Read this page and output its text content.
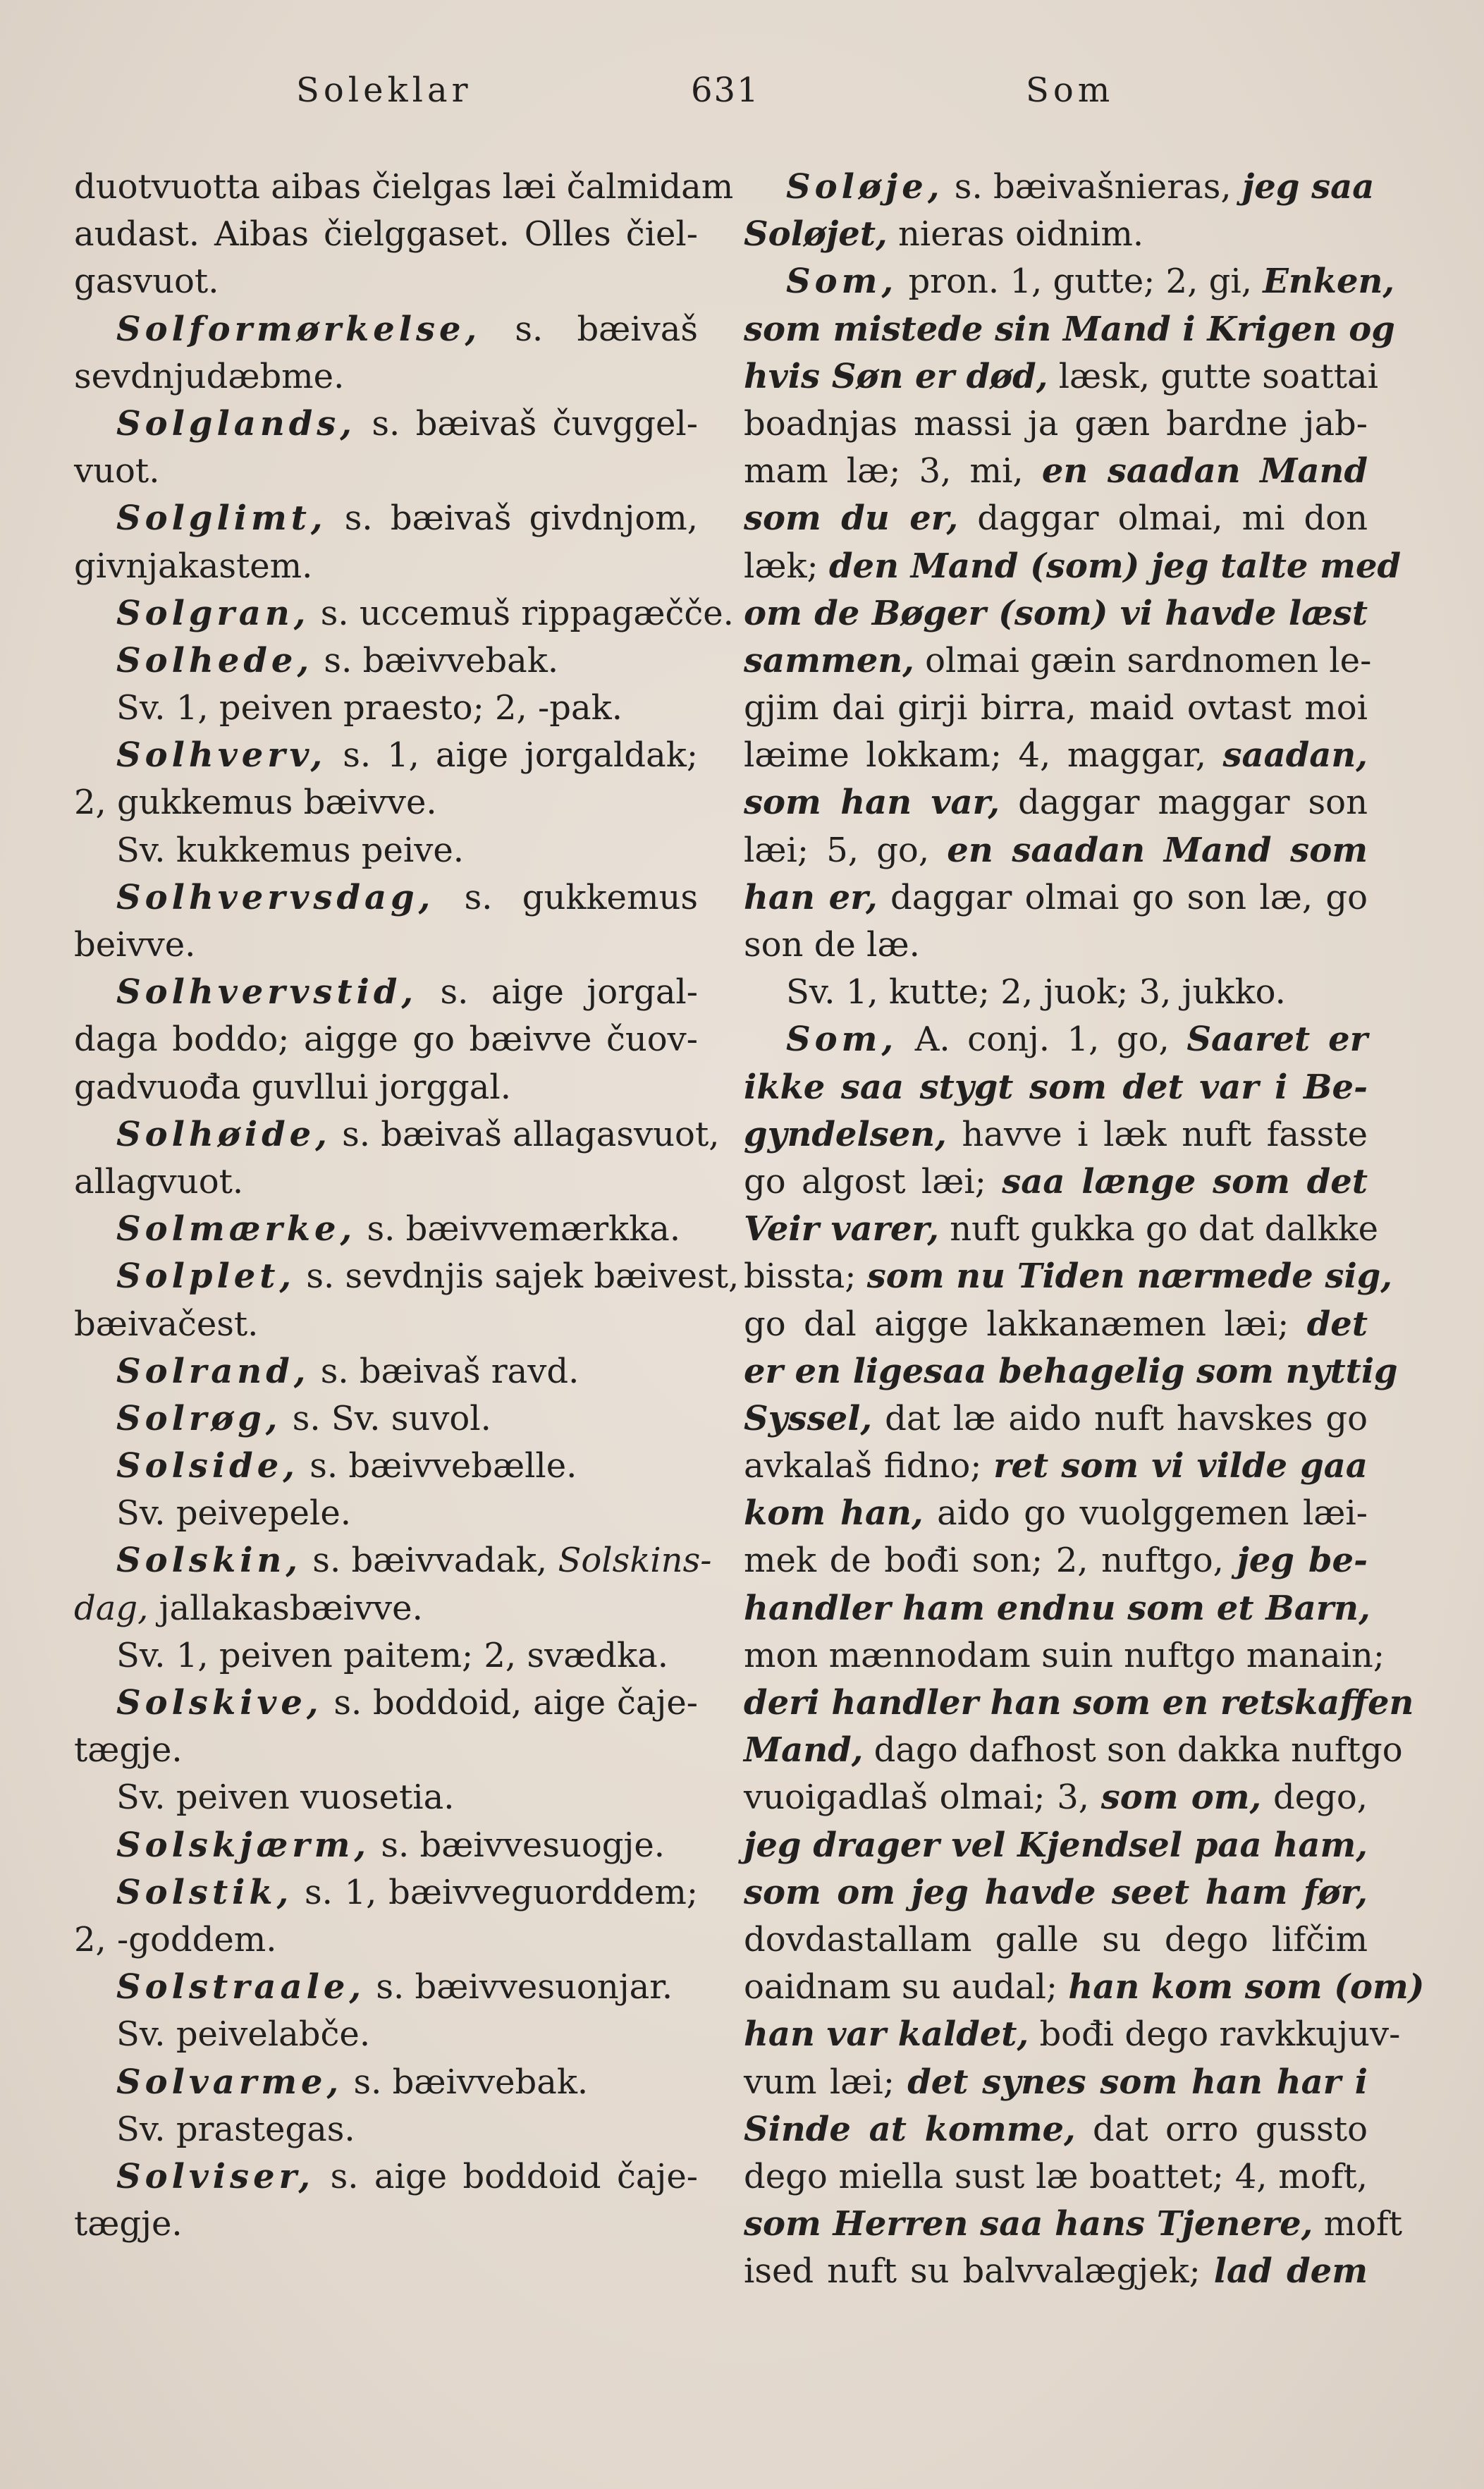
Soleklar	631	Som
duotvuotta aibas čielgas læi čalmidam
audast. Aibas čielggaset. Olles čiel-
gasvuot.
Solformørkelse, s. bæivaš
sevdnjudæbme.
Solglands, s. bæivaš čuvggel-
vuot.
Solglimt, s. bæivaš givdnjom,
givnjakastem.
Solgran, s. uccemuš rippagæčče.
Solhede, s. bæivvebak.
Sv. 1, peiven praesto; 2, -pak.
Solhverv, s. 1, aige jorgaldak;
2, gukkemus bæivve.
Sv. kukkemus peive.
Solhvervsdag, s. gukkemus
beivve.
Solhvervstid, s. aige jorgal-
daga boddo; aigge go bæivve čuov-
gadvuođa guvllui jorggal.
Solhøide, s. bæivaš allagasvuot,
allagvuot.
Solmærke, s. bæivvemærkka.
Solplet, s. sevdnjis sajek bæivest,
bæivačest.
Solrand, s. bæivaš ravd.
Solrøg, s. Sv. suvol.
Solside, s. bæivvebælle.
Sv. peivepele.
Solskin, s. bæivvadak, Solskins-
dag, jallakasbæivve.
Sv. 1, peiven paitem; 2, svædka.
Solskive, s. boddoid, aige čaje-
tægje.
Sv. peiven vuosetia.
Solskjærm, s. bæivvesuogje.
Solstik, s. 1, bæivveguorddem;
2, -goddem.
Solstraale, s. bæivvesuonjar.
Sv. peivelabče.
Solvarme, s. bæivvebak.
Sv. prastegas.
Solviser, s. aige boddoid čaje-
tægje.
Soløje, s. bæivašnieras, jeg saa
Soløjet, nieras oidnim.
Som, pron. 1, gutte; 2, gi, Enken,
som mistede sin Mand i Krigen og
hvis Søn er død, læsk, gutte soattai
boadnjas massi ja gæn bardne jab-
mam læ; 3, mi, en saadan Mand
som du er, daggar olmai, mi don
læk; den Mand (som) jeg talte med
om de Bøger (som) vi havde læst
sammen, olmai gæin sardnomen le-
gjim dai girji birra, maid ovtast moi
læime lokkam; 4, maggar, saadan,
som han var, daggar maggar son
læi; 5, go, en saadan Mand som
han er, daggar olmai go son læ, go
son de læ.
Sv. 1, kutte; 2, juok; 3, jukko.
Som, A. conj. 1, go, Saaret er
ikke saa stygt som det var i Be-
gyndelsen, havve i læk nuft fasste
go algost læi; saa længe som det
Veir varer, nuft gukka go dat dalkke
bissta; som nu Tiden nærmede sig,
go dal aigge lakkanæmen læi; det
er en ligesaa behagelig som nyttig
Syssel, dat læ aido nuft havskes go
avkalaš fidno; ret som vi vilde gaa
kom han, aido go vuolggemen læi-
mek de bođi son; 2, nuftgo, jeg be-
handler ham endnu som et Barn,
mon mænnodam suin nuftgo manain;
deri handler han som en retskaffen
Mand, dago dafhost son dakka nuftgo
vuoigadlaš olmai; 3, som om, dego,
jeg drager vel Kjendsel paa ham,
som om jeg havde seet ham før,
dovdastallam galle su dego lifčim
oaidnam su audal; han kom som (om)
han var kaldet, bođi dego ravkkujuv-
vum læi; det synes som han har i
Sinde at komme, dat orro gussto
dego miella sust læ boattet; 4, moft,
som Herren saa hans Tjenere, moft
ised nuft su balvvalægjek; lad dem
